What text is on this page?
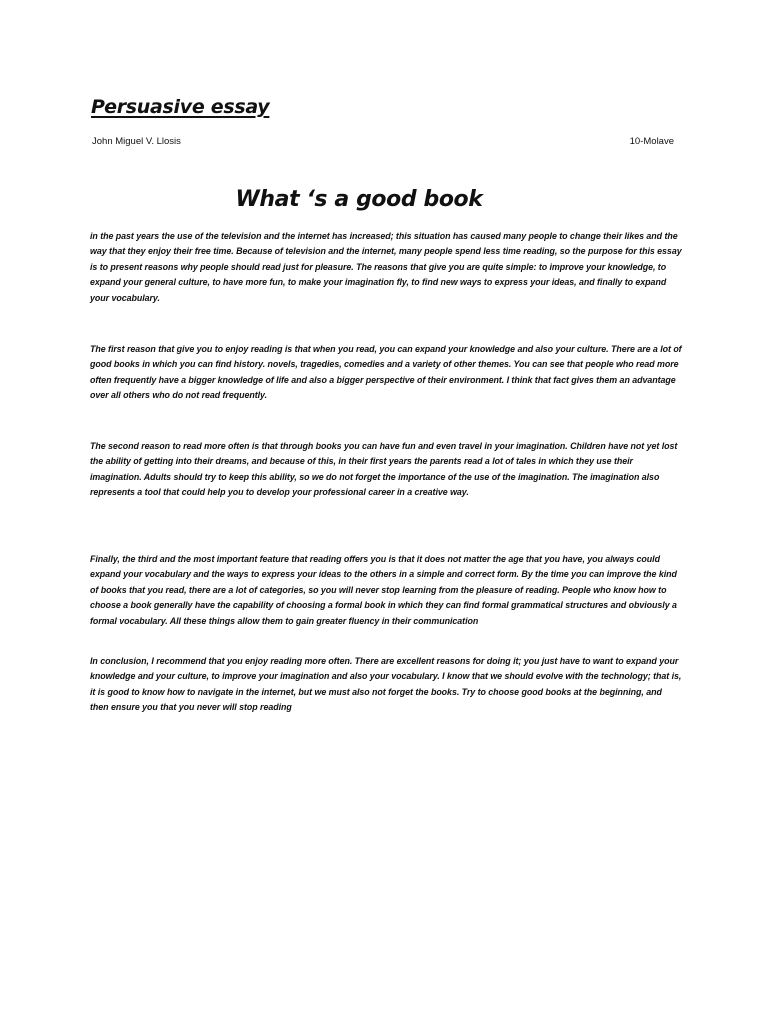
Persuasive essay
John Miguel V. Llosis	10-Molave
What ‘s a good book

in the past years the use of the television and the internet has increased; this situation has caused many people to change their likes and the way that they enjoy their free time. Because of television and the internet, many people spend less time reading, so the purpose for this essay is to present reasons why people should read just for pleasure. The reasons that give you are quite simple: to improve your knowledge, to expand your general culture, to have more fun, to make your imagination fly, to find new ways to express your ideas, and finally to expand your vocabulary.

The first reason that give you to enjoy reading is that when you read, you can expand your knowledge and also your culture. There are a lot of good books in which you can find history. novels, tragedies, comedies and a variety of other themes. You can see that people who read more often frequently have a bigger knowledge of life and also a bigger perspective of their environment. I think that fact gives them an advantage over all others who do not read frequently.

The second reason to read more often is that through books you can have fun and even travel in your imagination. Children have not yet lost the ability of getting into their dreams, and because of this, in their first years the parents read a lot of tales in which they use their imagination. Adults should try to keep this ability, so we do not forget the importance of the use of the imagination. The imagination also represents a tool that could help you to develop your professional career in a creative way.

Finally, the third and the most important feature that reading offers you is that it does not matter the age that you have, you always could expand your vocabulary and the ways to express your ideas to the others in a simple and correct form. By the time you can improve the kind of books that you read, there are a lot of categories, so you will never stop learning from the pleasure of reading. People who know how to choose a book generally have the capability of choosing a formal book in which they can find formal grammatical structures and obviously a formal vocabulary. All these things allow them to gain greater fluency in their communication

In conclusion, I recommend that you enjoy reading more often. There are excellent reasons for doing it; you just have to want to expand your knowledge and your culture, to improve your imagination and also your vocabulary. I know that we should evolve with the technology; that is, it is good to know how to navigate in the internet, but we must also not forget the books. Try to choose good books at the beginning, and then ensure you that you never will stop reading
